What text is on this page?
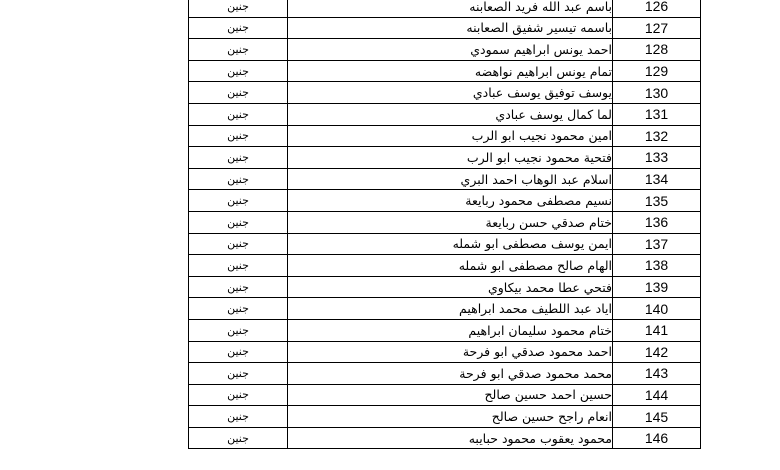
جنين	باسم عبد الله فريد الصعابنه	126
جنين	باسمه تيسير شفيق الصعابنه	127
جنين	احمد يونس ابراهيم سمودي	128
جنين	تمام يونس ابراهيم نواهضه	129
جنين	يوسف توفيق يوسف عبادي	130
جنين	لما كمال يوسف عبادي	131
جنين	امين محمود نجيب ابو الرب	132
جنين	فتحية محمود نجيب ابو الرب	133
جنين	اسلام عبد الوهاب احمد البري	134
جنين	نسيم مصطفى محمود ربايعة	135
جنين	ختام صدقي حسن ربايعة	136
جنين	ايمن يوسف مصطفى ابو شمله	137
جنين	الهام صالح مصطفى ابو شمله	138
جنين	فتحي عطا محمد بيكاوي	139
جنين	اياد عبد اللطيف محمد ابراهيم	140
جنين	ختام محمود سليمان ابراهيم	141
جنين	احمد محمود صدقي ابو فرحة	142
جنين	محمد محمود صدقي ابو فرحة	143
جنين	حسين احمد حسين صالح	144
جنين	انعام راجح حسين صالح	145
جنين	محمود يعقوب محمود حبايبه	146
